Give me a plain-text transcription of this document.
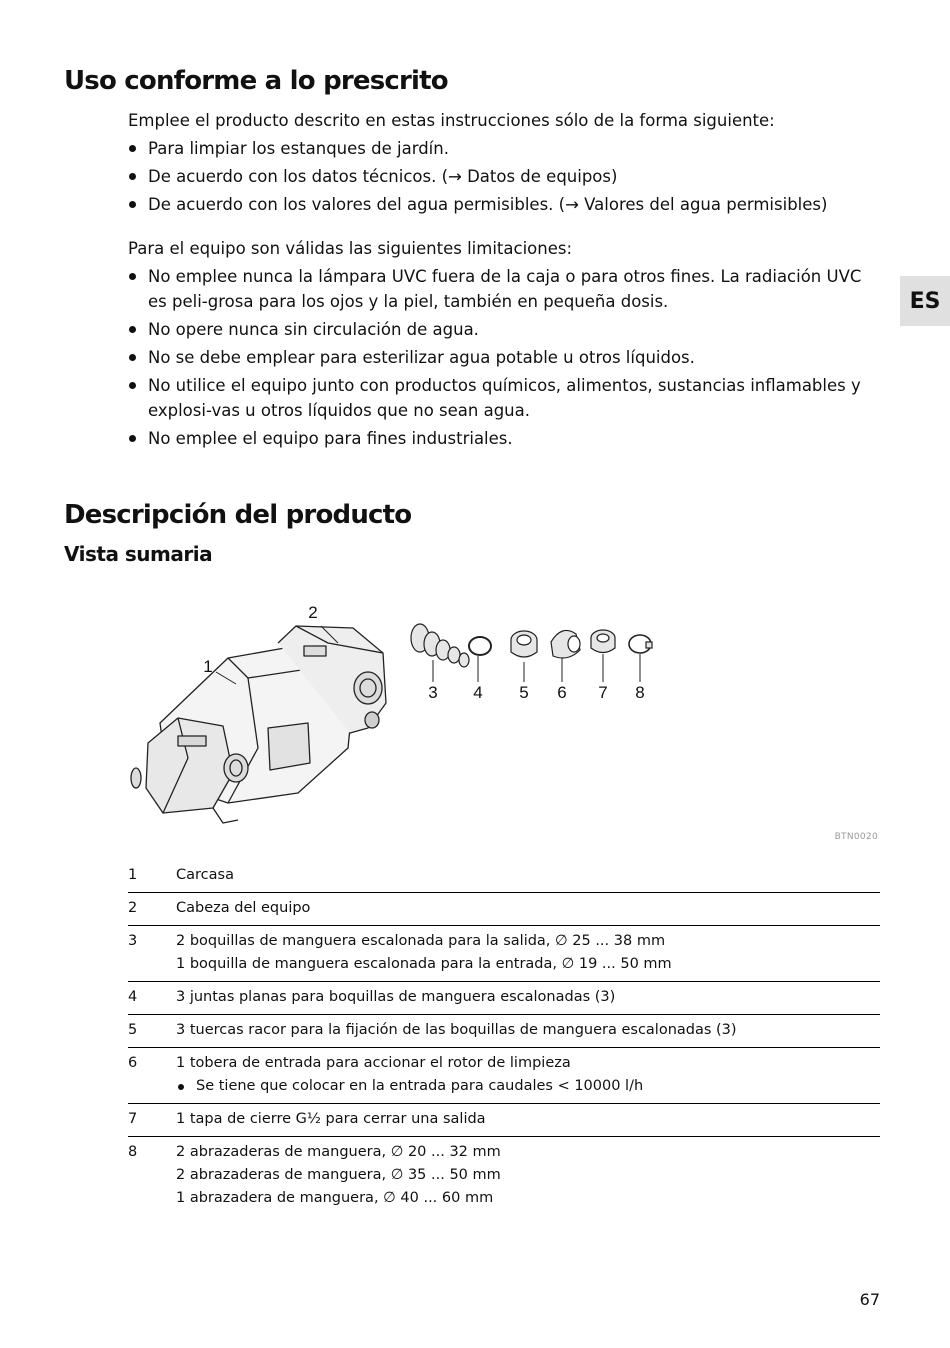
Uso conforme a lo prescrito

Emplee el producto descrito en estas instrucciones sólo de la forma siguiente:

Para limpiar los estanques de jardín.
De acuerdo con los datos técnicos. (→ Datos de equipos)
De acuerdo con los valores del agua permisibles. (→ Valores del agua permisibles)

Para el equipo son válidas las siguientes limitaciones:

No emplee nunca la lámpara UVC fuera de la caja o para otros fines. La radiación UVC es peli-grosa para los ojos y la piel, también en pequeña dosis.
No opere nunca sin circulación de agua.
No se debe emplear para esterilizar agua potable u otros líquidos.
No utilice el equipo junto con productos químicos, alimentos, sustancias inflamables y explosi-vas u otros líquidos que no sean agua.
No emplee el equipo para fines industriales.
ES
Descripción del producto
Vista sumaria
2
1
3 4 5 6 7 8
BTN0020
1	Carcasa

2	Cabeza del equipo

3	2 boquillas de manguera escalonada para la salida, ∅ 25 ... 38 mm
1 boquilla de manguera escalonada para la entrada, ∅ 19 ... 50 mm

4	3 juntas planas para boquillas de manguera escalonadas (3)

5	3 tuercas racor para la fijación de las boquillas de manguera escalonadas (3)

6	1 tobera de entrada para accionar el rotor de limpieza
Se tiene que colocar en la entrada para caudales < 10000 l/h

7	1 tapa de cierre G½ para cerrar una salida

8	2 abrazaderas de manguera, ∅ 20 ... 32 mm
2 abrazaderas de manguera, ∅ 35 ... 50 mm
1 abrazadera de manguera, ∅ 40 ... 60 mm
67
